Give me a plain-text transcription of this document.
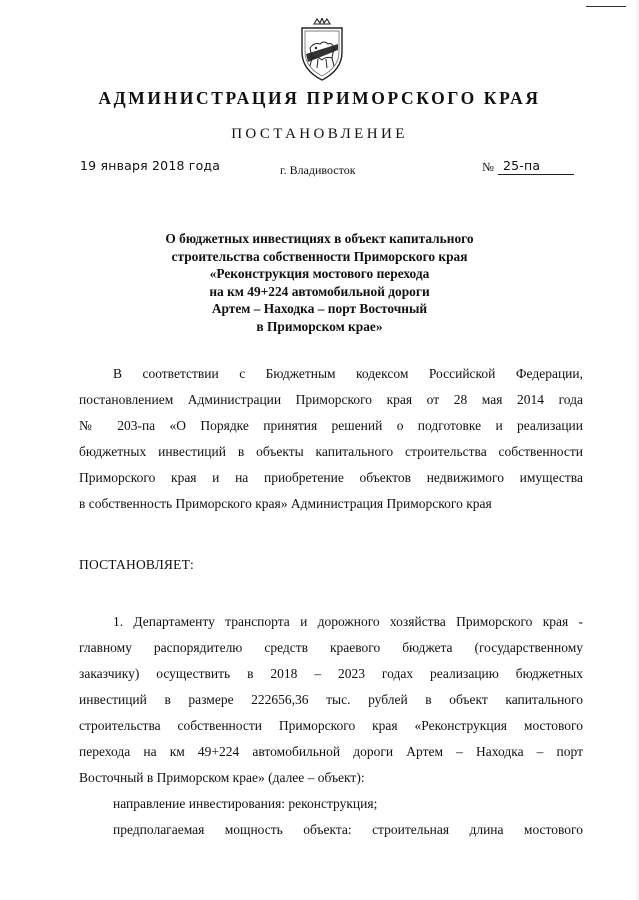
АДМИНИСТРАЦИЯ ПРИМОРСКОГО КРАЯ
ПОСТАНОВЛЕНИЕ
19 января 2018 года	г. Владивосток	№ 25-па
О бюджетных инвестициях в объект капитального
строительства собственности Приморского края
«Реконструкция мостового перехода
на км 49+224 автомобильной дороги
Артем – Находка – порт Восточный
в Приморском крае»
В соответствии с Бюджетным кодексом Российской Федерации,
постановлением Администрации Приморского края от 28 мая 2014 года
№ 203-па «О Порядке принятия решений о подготовке и реализации
бюджетных инвестиций в объекты капитального строительства собственности
Приморского края и на приобретение объектов недвижимого имущества
в собственность Приморского края» Администрация Приморского края
ПОСТАНОВЛЯЕТ:
1. Департаменту транспорта и дорожного хозяйства Приморского края -
главному распорядителю средств краевого бюджета (государственному
заказчику) осуществить в 2018 – 2023 годах реализацию бюджетных
инвестиций в размере 222656,36 тыс. рублей в объект капитального
строительства собственности Приморского края «Реконструкция мостового
перехода на км 49+224 автомобильной дороги Артем – Находка – порт
Восточный в Приморском крае» (далее – объект):
направление инвестирования: реконструкция;
предполагаемая мощность объекта: строительная длина мостового
